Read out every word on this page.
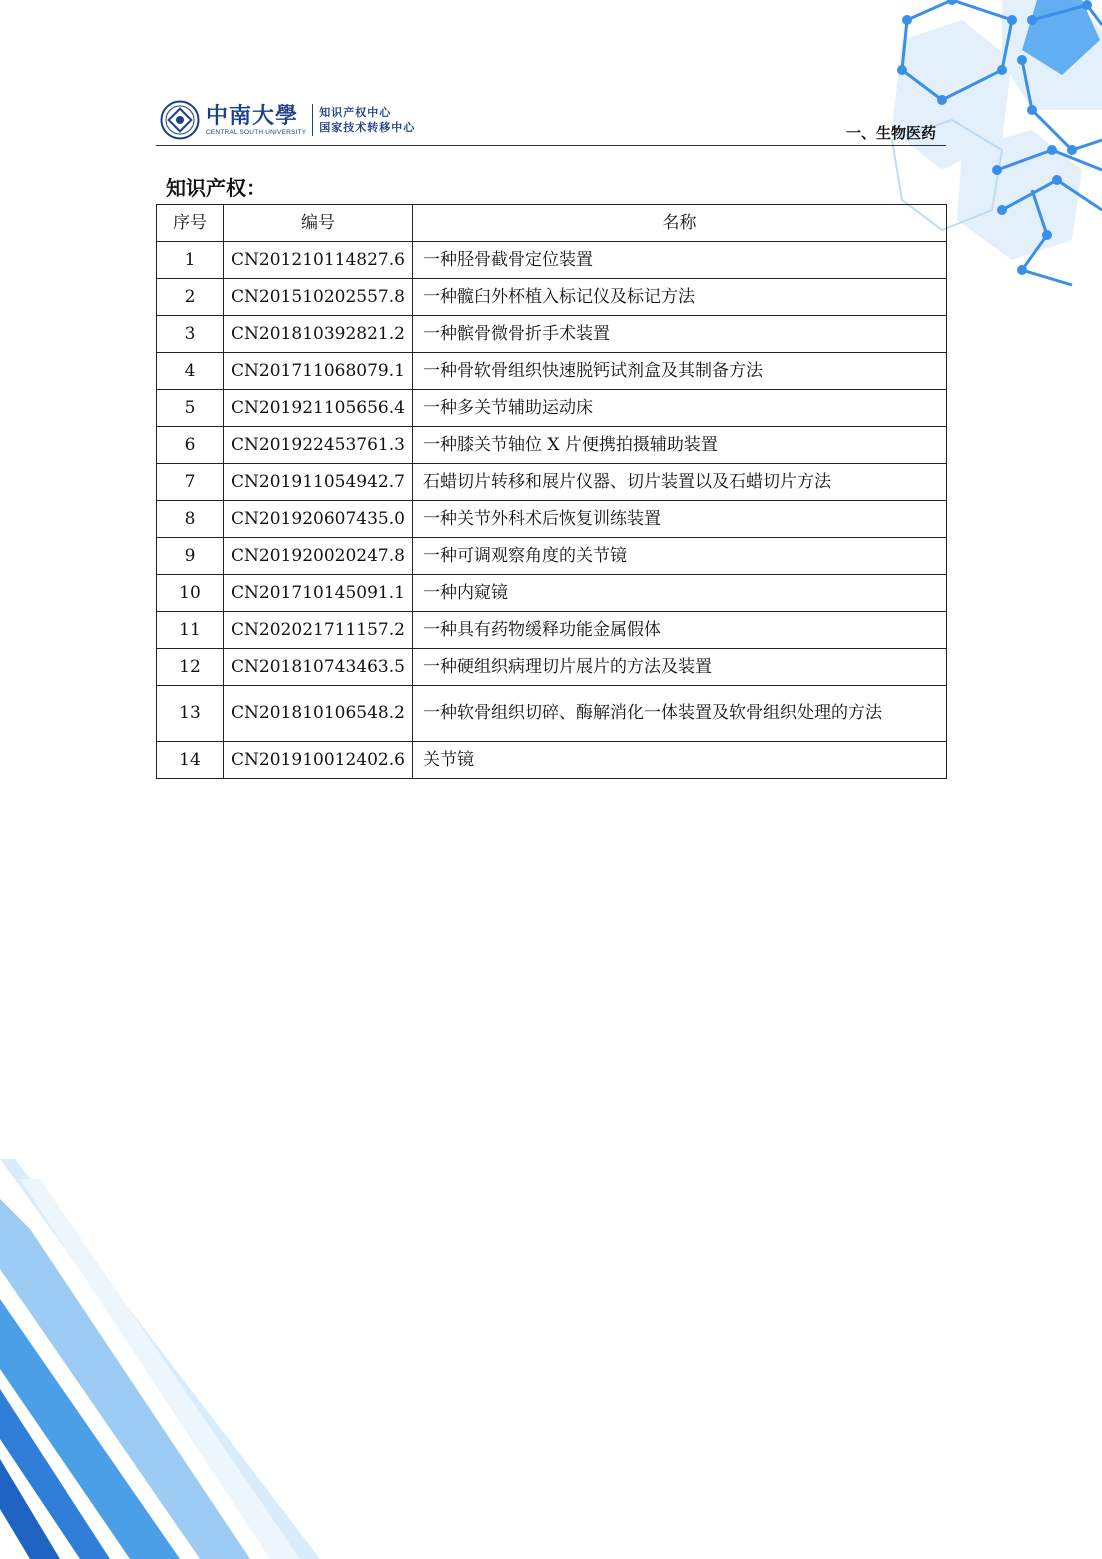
中南大學
CENTRAL SOUTH UNIVERSITY
知识产权中心
国家技术转移中心	一、生物医药
知识产权：
序号	编号	名称
1	CN201210114827.6	一种胫骨截骨定位装置
2	CN201510202557.8	一种髋臼外杯植入标记仪及标记方法
3	CN201810392821.2	一种髌骨微骨折手术装置
4	CN201711068079.1	一种骨软骨组织快速脱钙试剂盒及其制备方法
5	CN201921105656.4	一种多关节辅助运动床
6	CN201922453761.3	一种膝关节轴位 X 片便携拍摄辅助装置
7	CN201911054942.7	石蜡切片转移和展片仪器、切片装置以及石蜡切片方法
8	CN201920607435.0	一种关节外科术后恢复训练装置
9	CN201920020247.8	一种可调观察角度的关节镜
10	CN201710145091.1	一种内窥镜
11	CN202021711157.2	一种具有药物缓释功能金属假体
12	CN201810743463.5	一种硬组织病理切片展片的方法及装置
13	CN201810106548.2	一种软骨组织切碎、酶解消化一体装置及软骨组织处理的方法
14	CN201910012402.6	关节镜
